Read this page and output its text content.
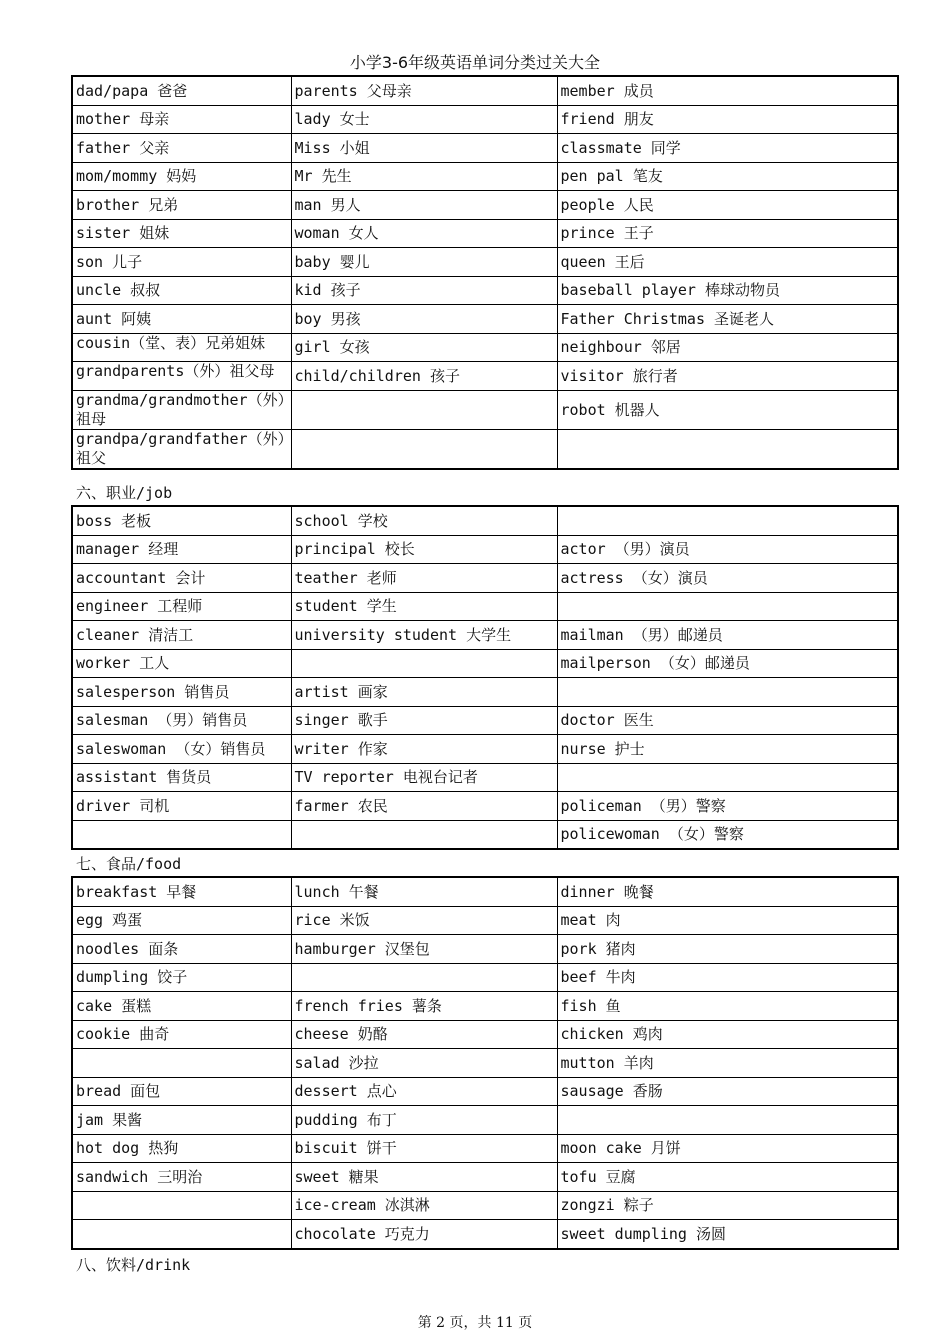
小学3-6年级英语单词分类过关大全
dad/papa 爸爸	parents 父母亲	member 成员
mother 母亲	lady 女士	friend 朋友
father 父亲	Miss 小姐	classmate 同学
mom/mommy 妈妈	Mr 先生	pen pal 笔友
brother 兄弟	man 男人	people 人民
sister 姐妹	woman 女人	prince 王子
son 儿子	baby 婴儿	queen 王后
uncle 叔叔	kid 孩子	baseball player 棒球动物员
aunt 阿姨	boy 男孩	Father Christmas 圣诞老人
cousin（堂、表）兄弟姐妹	girl 女孩	neighbour 邻居
grandparents（外）祖父母	child/children 孩子	visitor 旅行者
grandma/grandmother（外）祖母		robot 机器人
grandpa/grandfather（外）祖父		
六、职业/job
boss 老板	school 学校	
manager 经理	principal 校长	actor （男）演员
accountant 会计	teather 老师	actress （女）演员
engineer 工程师	student 学生	
cleaner 清洁工	university student 大学生	mailman （男）邮递员
worker 工人		mailperson （女）邮递员
salesperson 销售员	artist 画家	
salesman （男）销售员	singer 歌手	doctor 医生
saleswoman （女）销售员	writer 作家	nurse 护士
assistant 售货员	TV reporter 电视台记者	
driver 司机	farmer 农民	policeman （男）警察
		policewoman （女）警察
七、食品/food
breakfast 早餐	lunch 午餐	dinner 晚餐
egg 鸡蛋	rice 米饭	meat 肉
noodles 面条	hamburger 汉堡包	pork 猪肉
dumpling 饺子		beef 牛肉
cake 蛋糕	french fries 薯条	fish 鱼
cookie 曲奇	cheese 奶酪	chicken 鸡肉
	salad 沙拉	mutton 羊肉
bread 面包	dessert 点心	sausage 香肠
jam 果酱	pudding 布丁	
hot dog 热狗	biscuit 饼干	moon cake 月饼
sandwich 三明治	sweet 糖果	tofu 豆腐
	ice-cream 冰淇淋	zongzi 粽子
	chocolate 巧克力	sweet dumpling 汤圆
八、饮料/drink
第 2 页，共 11 页
